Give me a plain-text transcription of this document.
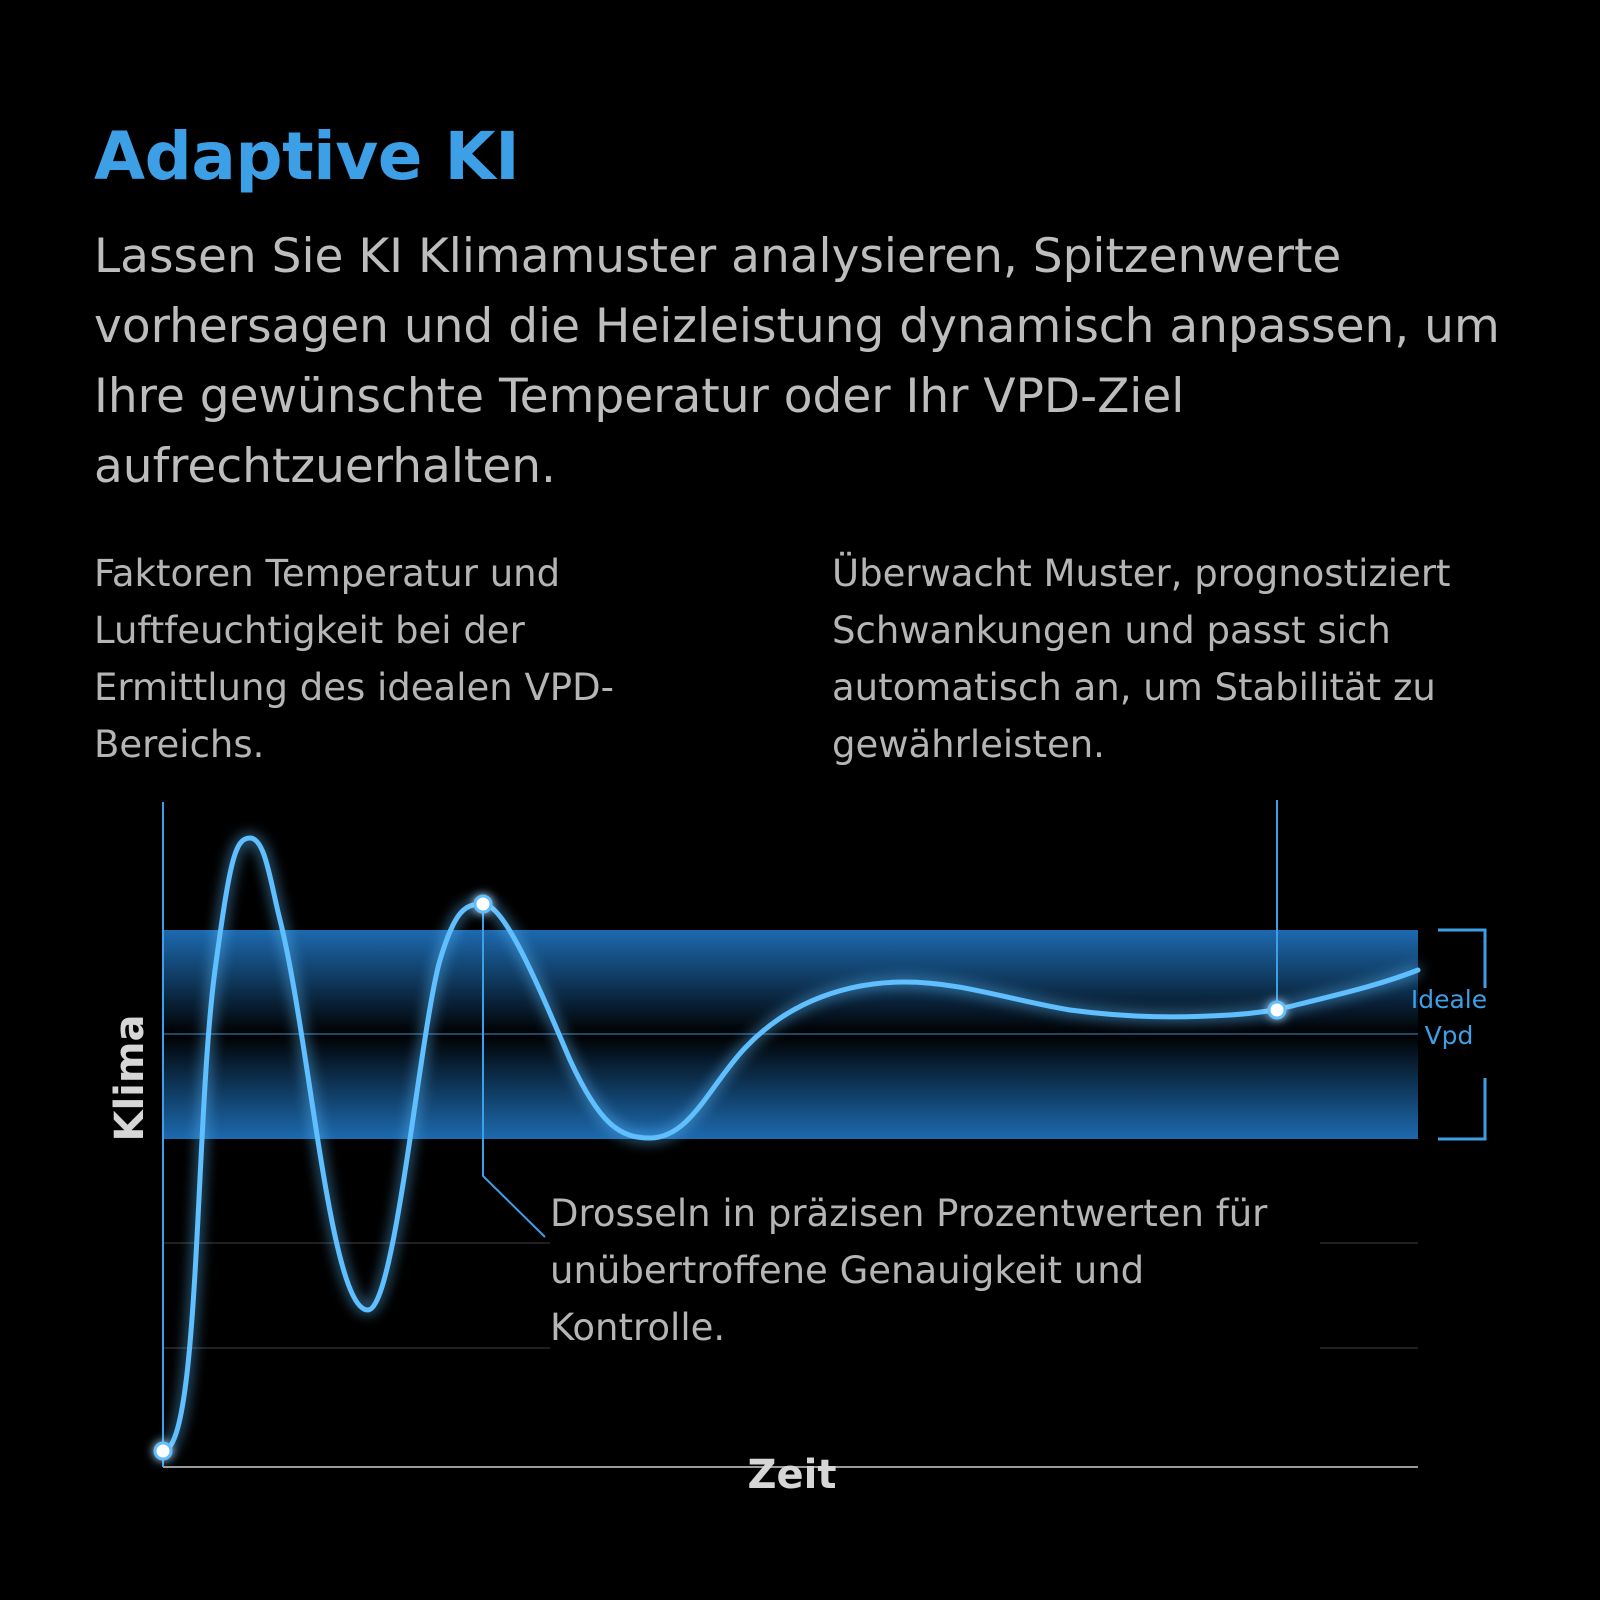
Adaptive KI

Lassen Sie KI Klimamuster analysieren, Spitzenwerte vorhersagen und die Heizleistung dynamisch anpassen, um Ihre gewünschte Temperatur oder Ihr VPD-Ziel aufrechtzuerhalten.

Faktoren Temperatur und Luftfeuchtigkeit bei der Ermittlung des idealen VPD-Bereichs.

Überwacht Muster, prognostiziert Schwankungen und passt sich automatisch an, um Stabilität zu gewährleisten.

Drosseln in präzisen Prozentwerten für unübertroffene Genauigkeit und Kontrolle.

Ideale
Vpd
Klima
Zeit
